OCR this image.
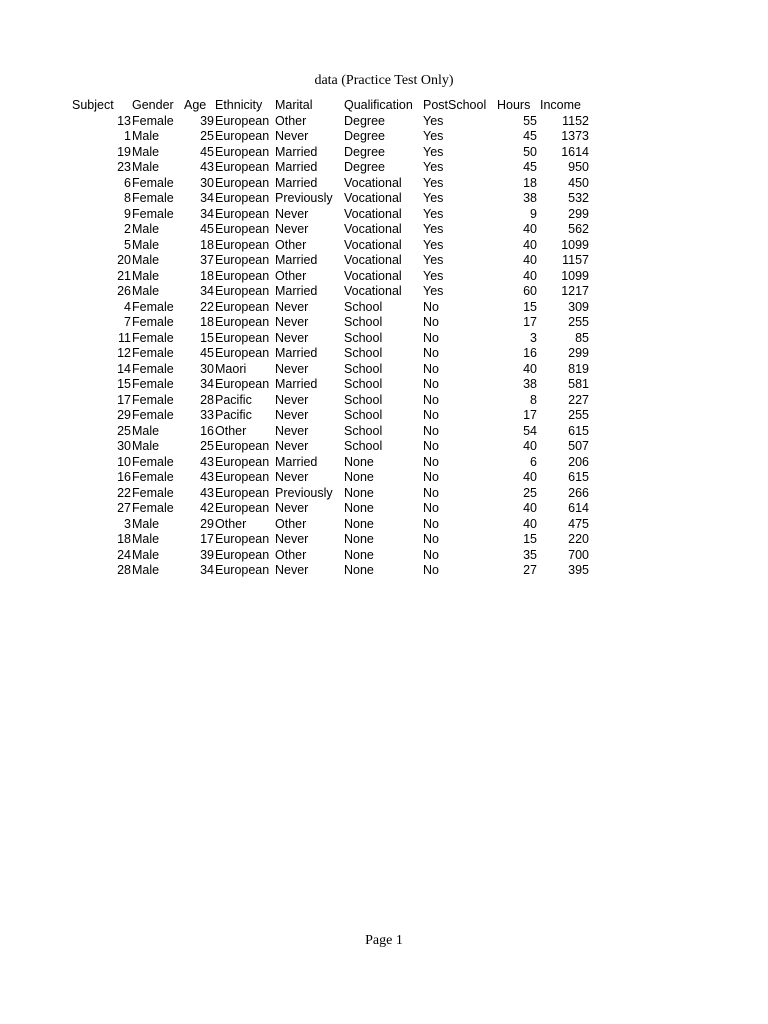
data (Practice Test Only)
Subject Gender Age Ethnicity Marital	Qualification PostSchool Hours Income
13 Female	39 European Other	Degree	Yes	55	1152
1 Male	25 European Never	Degree	Yes	45	1373
19 Male	45 European Married Degree	Yes	50	1614
23 Male	43 European Married Degree	Yes	45	950
6 Female	30 European Married Vocational Yes	18	450
8 Female	34 European Previously Vocational Yes	38	532
9 Female	34 European Never	Vocational Yes	9	299
2 Male	45 European Never	Vocational Yes	40	562
5 Male	18 European Other	Vocational Yes	40	1099
20 Male	37 European Married Vocational Yes	40	1157
21 Male	18 European Other	Vocational Yes	40	1099
26 Male	34 European Married Vocational Yes	60	1217
4 Female	22 European Never	School	No	15	309
7 Female	18 European Never	School	No	17	255
11 Female	15 European Never	School	No	3	85
12 Female	45 European Married School	No	16	299
14 Female	30 Maori Never	School	No	40	819
15 Female	34 European Married School	No	38	581
17 Female	28 Pacific Never	School	No	8	227
29 Female	33 Pacific Never	School	No	17	255
25 Male	16 Other Never	School	No	54	615
30 Male	25 European Never	School	No	40	507
10 Female	43 European Married None	No	6	206
16 Female	43 European Never	None	No	40	615
22 Female	43 European Previously None	No	25	266
27 Female	42 European Never	None	No	40	614
3 Male	29 Other Other	None	No	40	475
18 Male	17 European Never	None	No	15	220
24 Male	39 European Other	None	No	35	700
28 Male	34 European Never	None	No	27	395
Page 1
